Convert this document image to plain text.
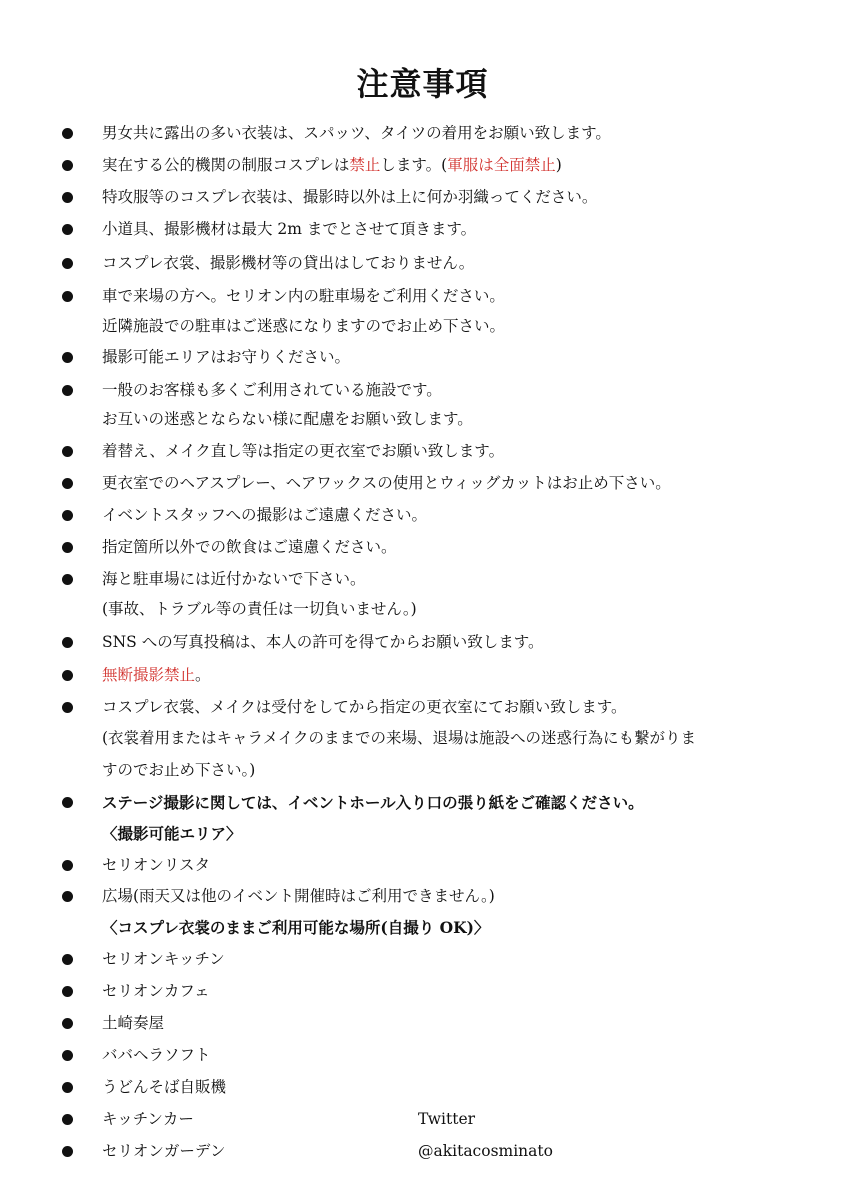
注意事項
男女共に露出の多い衣装は、スパッツ、タイツの着用をお願い致します。
実在する公的機関の制服コスプレは禁止します。(軍服は全面禁止)
特攻服等のコスプレ衣装は、撮影時以外は上に何か羽織ってください。
小道具、撮影機材は最大 2m までとさせて頂きます。
コスプレ衣裳、撮影機材等の貸出はしておりません。
車で来場の方へ。セリオン内の駐車場をご利用ください。
近隣施設での駐車はご迷惑になりますのでお止め下さい。
撮影可能エリアはお守りください。
一般のお客様も多くご利用されている施設です。
お互いの迷惑とならない様に配慮をお願い致します。
着替え、メイク直し等は指定の更衣室でお願い致します。
更衣室でのヘアスプレー、ヘアワックスの使用とウィッグカットはお止め下さい。
イベントスタッフへの撮影はご遠慮ください。
指定箇所以外での飲食はご遠慮ください。
海と駐車場には近付かないで下さい。
(事故、トラブル等の責任は一切負いません。)
SNS への写真投稿は、本人の許可を得てからお願い致します。
無断撮影禁止。
コスプレ衣裳、メイクは受付をしてから指定の更衣室にてお願い致します。
(衣裳着用またはキャラメイクのままでの来場、退場は施設への迷惑行為にも繋がりま
すのでお止め下さい。)
ステージ撮影に関しては、イベントホール入り口の張り紙をご確認ください。
〈撮影可能エリア〉
セリオンリスタ
広場(雨天又は他のイベント開催時はご利用できません。)
〈コスプレ衣裳のままご利用可能な場所(自撮り OK)〉
セリオンキッチン
セリオンカフェ
土崎奏屋
ババヘラソフト
うどんそば自販機
キッチンカー	Twitter
セリオンガーデン	@akitacosminato
